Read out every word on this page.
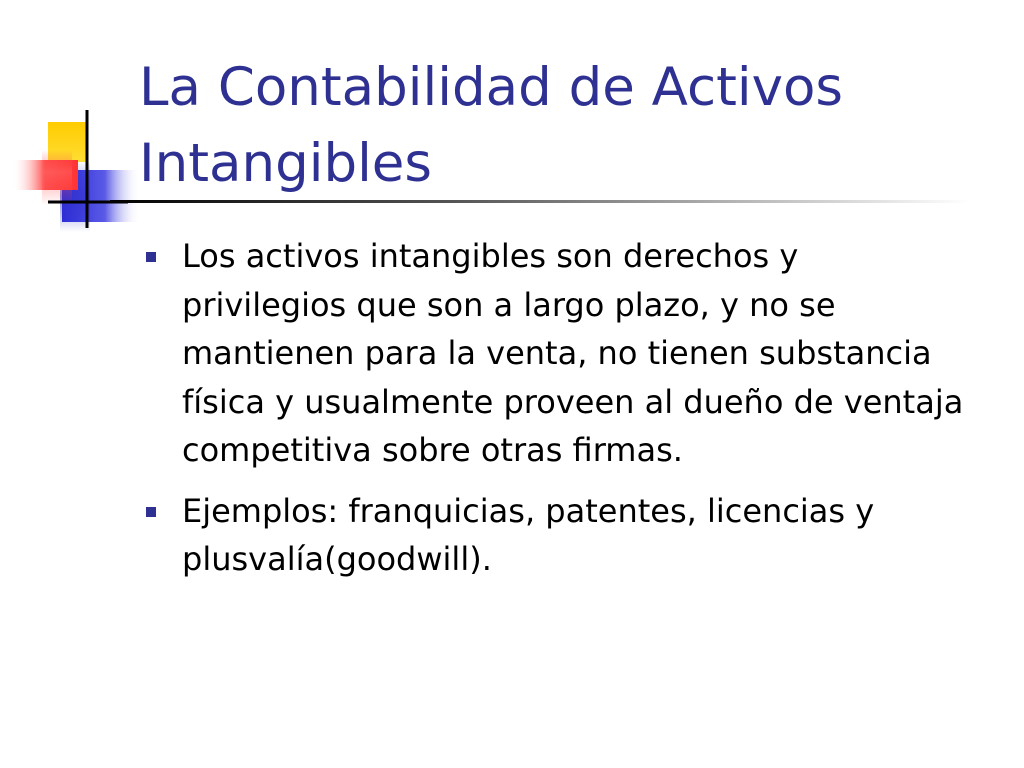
La Contabilidad de Activos
Intangibles
Los activos intangibles son derechos y privilegios que son a largo plazo, y no se mantienen para la venta, no tienen substancia física y usualmente proveen al dueño de ventaja competitiva sobre otras firmas.
Ejemplos: franquicias, patentes, licencias y plusvalía(goodwill).
